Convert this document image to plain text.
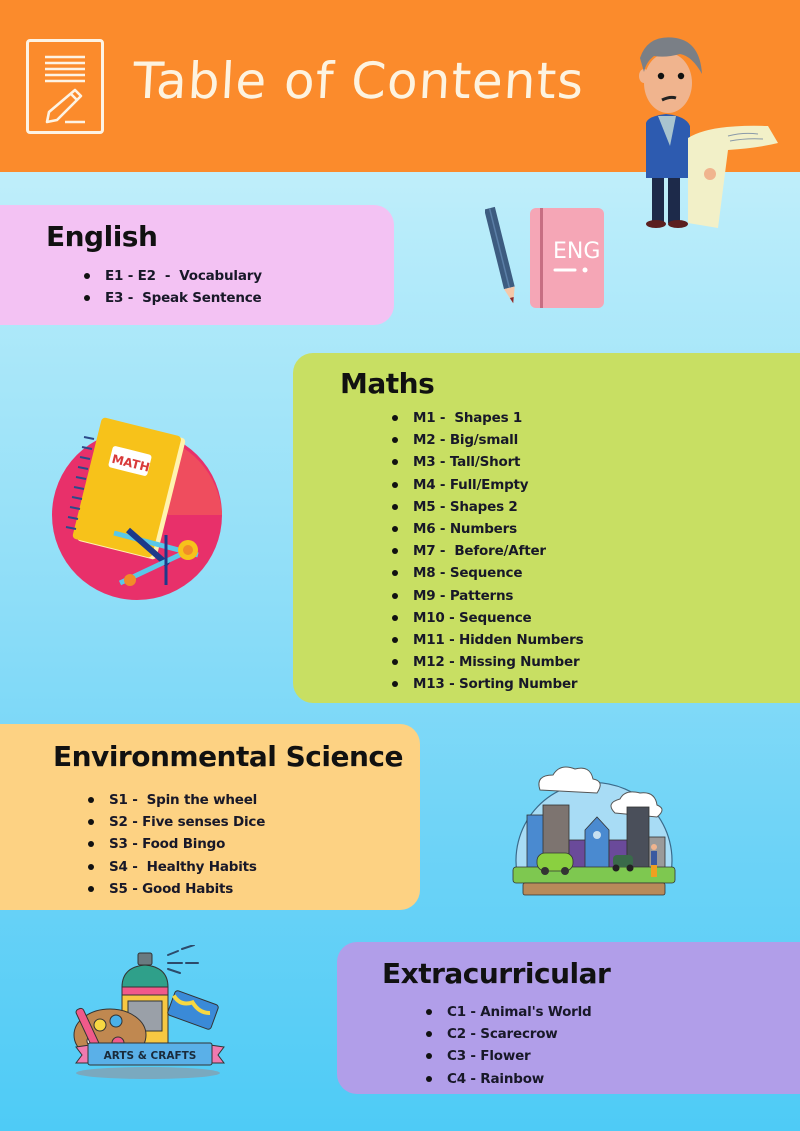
Table of Contents
English
E1 - E2  -  Vocabulary
E3 -  Speak Sentence
ENG
Maths
M1 -  Shapes 1
M2 - Big/small
M3 - Tall/Short
M4 - Full/Empty
M5 - Shapes 2
M6 - Numbers
M7 -  Before/After
M8 - Sequence
M9 - Patterns
M10 - Sequence
M11 - Hidden Numbers
M12 - Missing Number
M13 - Sorting Number
MATH
Environmental Science
S1 -  Spin the wheel
S2 - Five senses Dice
S3 - Food Bingo
S4 -  Healthy Habits
S5 - Good Habits
Extracurricular
C1 - Animal's World
C2 - Scarecrow
C3 - Flower
C4 - Rainbow
ARTS & CRAFTS
